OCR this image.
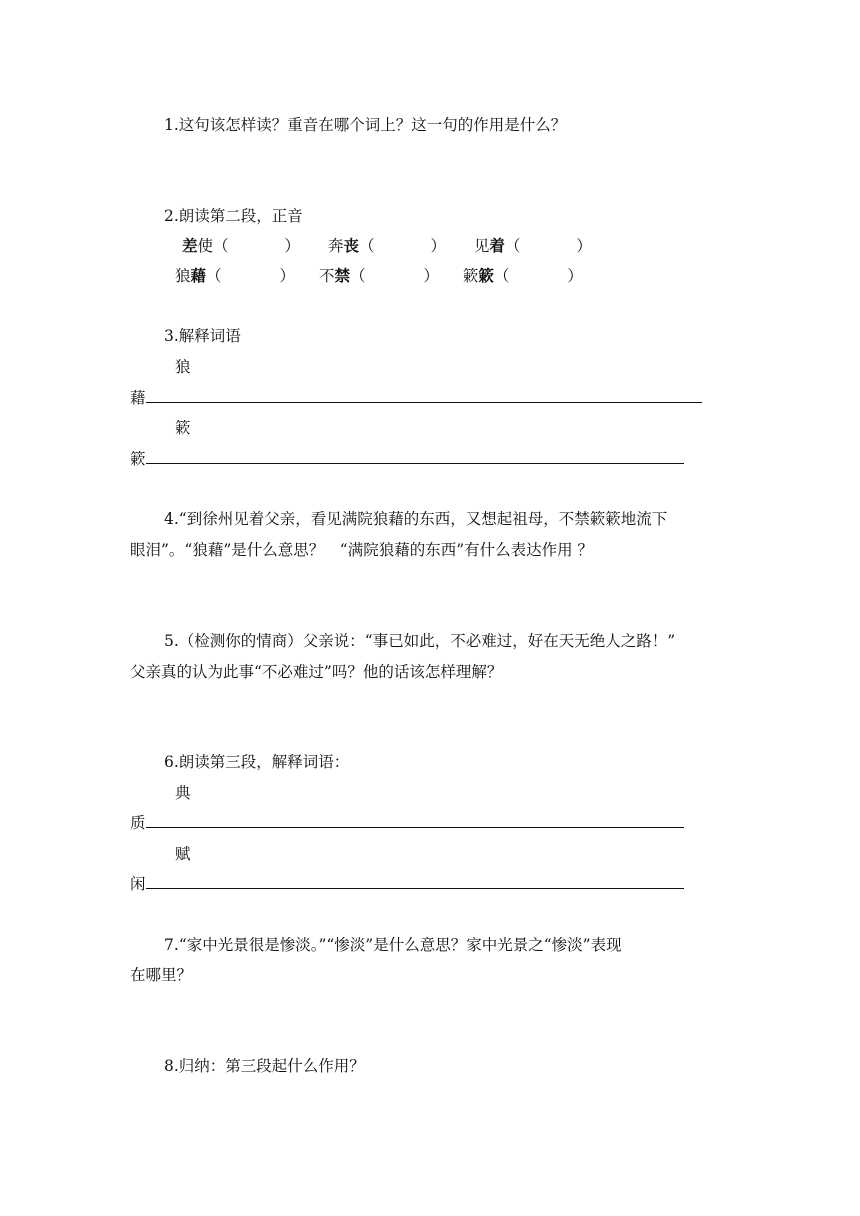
1.这句该怎样读？重音在哪个词上？这一句的作用是什么？
2.朗读第二段，正音
差使（	） 奔丧（	） 见着（	）
狼藉（	） 不禁（	） 簌簌（	）
3.解释词语
狼
藉
簌
簌
4.“到徐州见着父亲，看见满院狼藉的东西，又想起祖母，不禁簌簌地流下
眼泪”。“狼藉”是什么意思？　“满院狼藉的东西”有什么表达作用 ？
5.（检测你的情商）父亲说：“事已如此，不必难过，好在天无绝人之路！”
父亲真的认为此事“不必难过”吗？他的话该怎样理解？
6.朗读第三段，解释词语：
典
质
赋
闲
7.“家中光景很是惨淡。”“惨淡”是什么意思？家中光景之“惨淡”表现
在哪里？
8.归纳：第三段起什么作用？
